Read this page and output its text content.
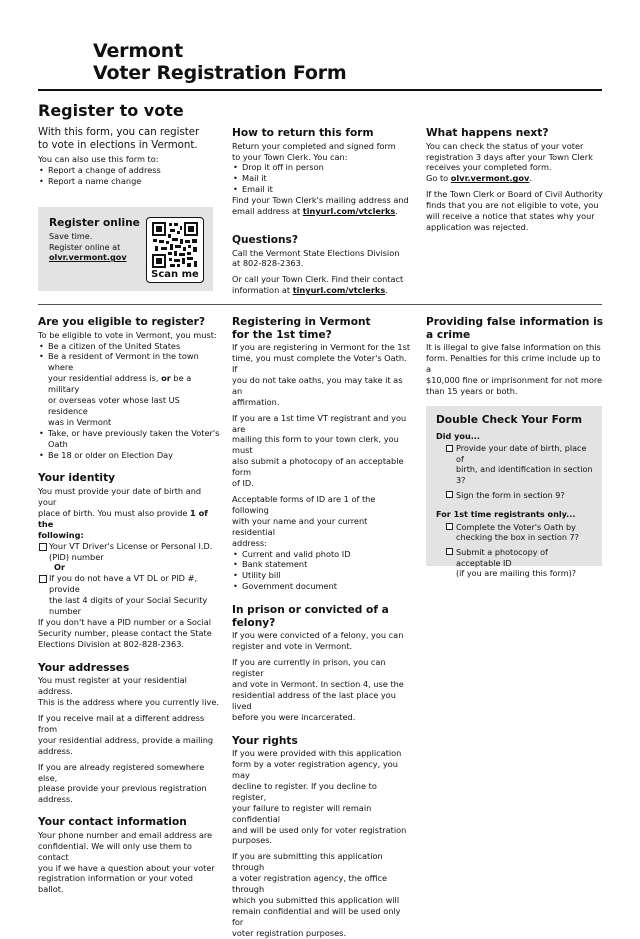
Vermont
Voter Registration Form
Register to vote
With this form, you can register
to vote in elections in Vermont.

You can also use this form to:

• Report a change of address
• Report a name change
Register online
Save time.
Register online at
olvr.vermont.gov
Scan me
How to return this form
Return your completed and signed form
to your Town Clerk. You can:
• Drop it off in person
• Mail it
• Email it
Find your Town Clerk's mailing address and
email address at tinyurl.com/vtclerks.
Questions?
Call the Vermont State Elections Division
at 802-828-2363.
Or call your Town Clerk. Find their contact
information at tinyurl.com/vtclerks.
What happens next?
You can check the status of your voter
registration 3 days after your Town Clerk
receives your completed form.
Go to olvr.vermont.gov.
If the Town Clerk or Board of Civil Authority
finds that you are not eligible to vote, you
will receive a notice that states why your
application was rejected.
Are you eligible to register?
To be eligible to vote in Vermont, you must:
• Be a citizen of the United States
• Be a resident of Vermont in the town where
your residential address is, or be a military
or overseas voter whose last US residence
was in Vermont
• Take, or have previously taken the Voter's
Oath
• Be 18 or older on Election Day
Your identity
You must provide your date of birth and your
place of birth. You must also provide 1 of the
following:
Your VT Driver's License or Personal I.D.
(PID) number
Or
If you do not have a VT DL or PID #, provide
the last 4 digits of your Social Security
number
If you don't have a PID number or a Social
Security number, please contact the State
Elections Division at 802-828-2363.
Your addresses
You must register at your residential address.
This is the address where you currently live.
If you receive mail at a different address from
your residential address, provide a mailing
address.
If you are already registered somewhere else,
please provide your previous registration
address.
Your contact information
Your phone number and email address are
confidential. We will only use them to contact
you if we have a question about your voter
registration information or your voted ballot.
Registering in Vermont
for the 1st time?
If you are registering in Vermont for the 1st
time, you must complete the Voter's Oath. If
you do not take oaths, you may take it as an
affirmation.
If you are a 1st time VT registrant and you are
mailing this form to your town clerk, you must
also submit a photocopy of an acceptable form
of ID.
Acceptable forms of ID are 1 of the following
with your name and your current residential
address:
• Current and valid photo ID
• Bank statement
• Utility bill
• Government document
In prison or convicted of a felony?
If you were convicted of a felony, you can
register and vote in Vermont.
If you are currently in prison, you can register
and vote in Vermont. In section 4, use the
residential address of the last place you lived
before you were incarcerated.
Your rights
If you were provided with this application
form by a voter registration agency, you may
decline to register. If you decline to register,
your failure to register will remain confidential
and will be used only for voter registration
purposes.
If you are submitting this application through
a voter registration agency, the office through
which you submitted this application will
remain confidential and will be used only for
voter registration purposes.
Providing false information is
a crime
It is illegal to give false information on this
form. Penalties for this crime include up to a
$10,000 fine or imprisonment for not more
than 15 years or both.
Double Check Your Form
Did you...
Provide your date of birth, place of
birth, and identification in section 3?
Sign the form in section 9?
For 1st time registrants only...
Complete the Voter's Oath by
checking the box in section 7?
Submit a photocopy of acceptable ID
(if you are mailing this form)?
